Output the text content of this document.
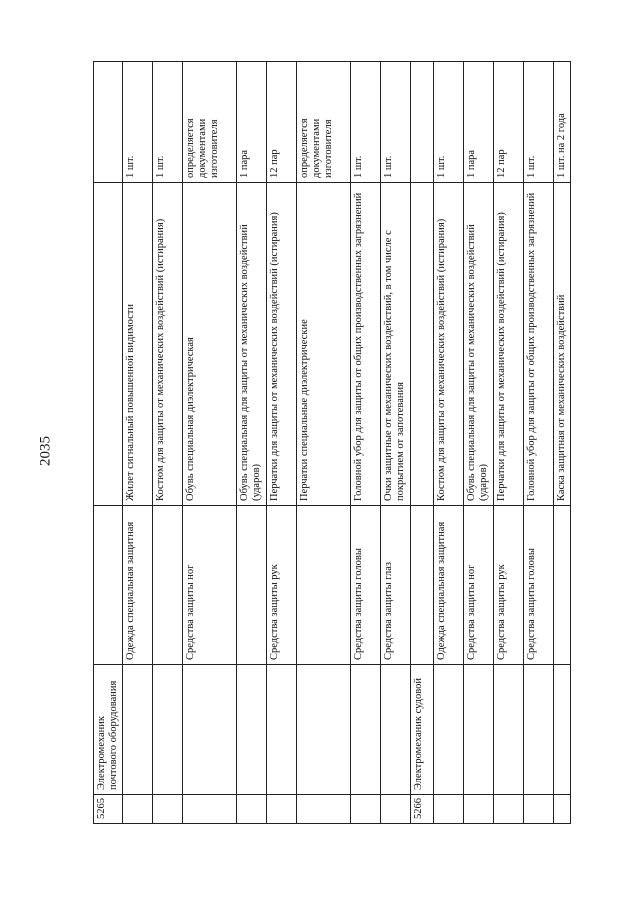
2035
5265	Электромеханик почтового оборудования			
		Одежда специальная защитная	Жилет сигнальный повышенной видимости	1 шт.
			Костюм для защиты от механических воздействий (истирания)	1 шт.
		Средства защиты ног	Обувь специальная диэлектрическая	определяется документами изготовителя
			Обувь специальная для защиты от механических воздействий (ударов)	1 пара
		Средства защиты рук	Перчатки для защиты от механических воздействий (истирания)	12 пар
			Перчатки специальные диэлектрические	определяется документами изготовителя
		Средства защиты головы	Головной убор для защиты от общих производственных загрязнений	1 шт.
		Средства защиты глаз	Очки защитные от механических воздействий, в том числе с покрытием от запотевания	1 шт.
5266	Электромеханик судовой			
		Одежда специальная защитная	Костюм для защиты от механических воздействий (истирания)	1 шт.
		Средства защиты ног	Обувь специальная для защиты от механических воздействий (ударов)	1 пара
		Средства защиты рук	Перчатки для защиты от механических воздействий (истирания)	12 пар
		Средства защиты головы	Головной убор для защиты от общих производственных загрязнений	1 шт.
			Каска защитная от механических воздействий	1 шт. на 2 года
